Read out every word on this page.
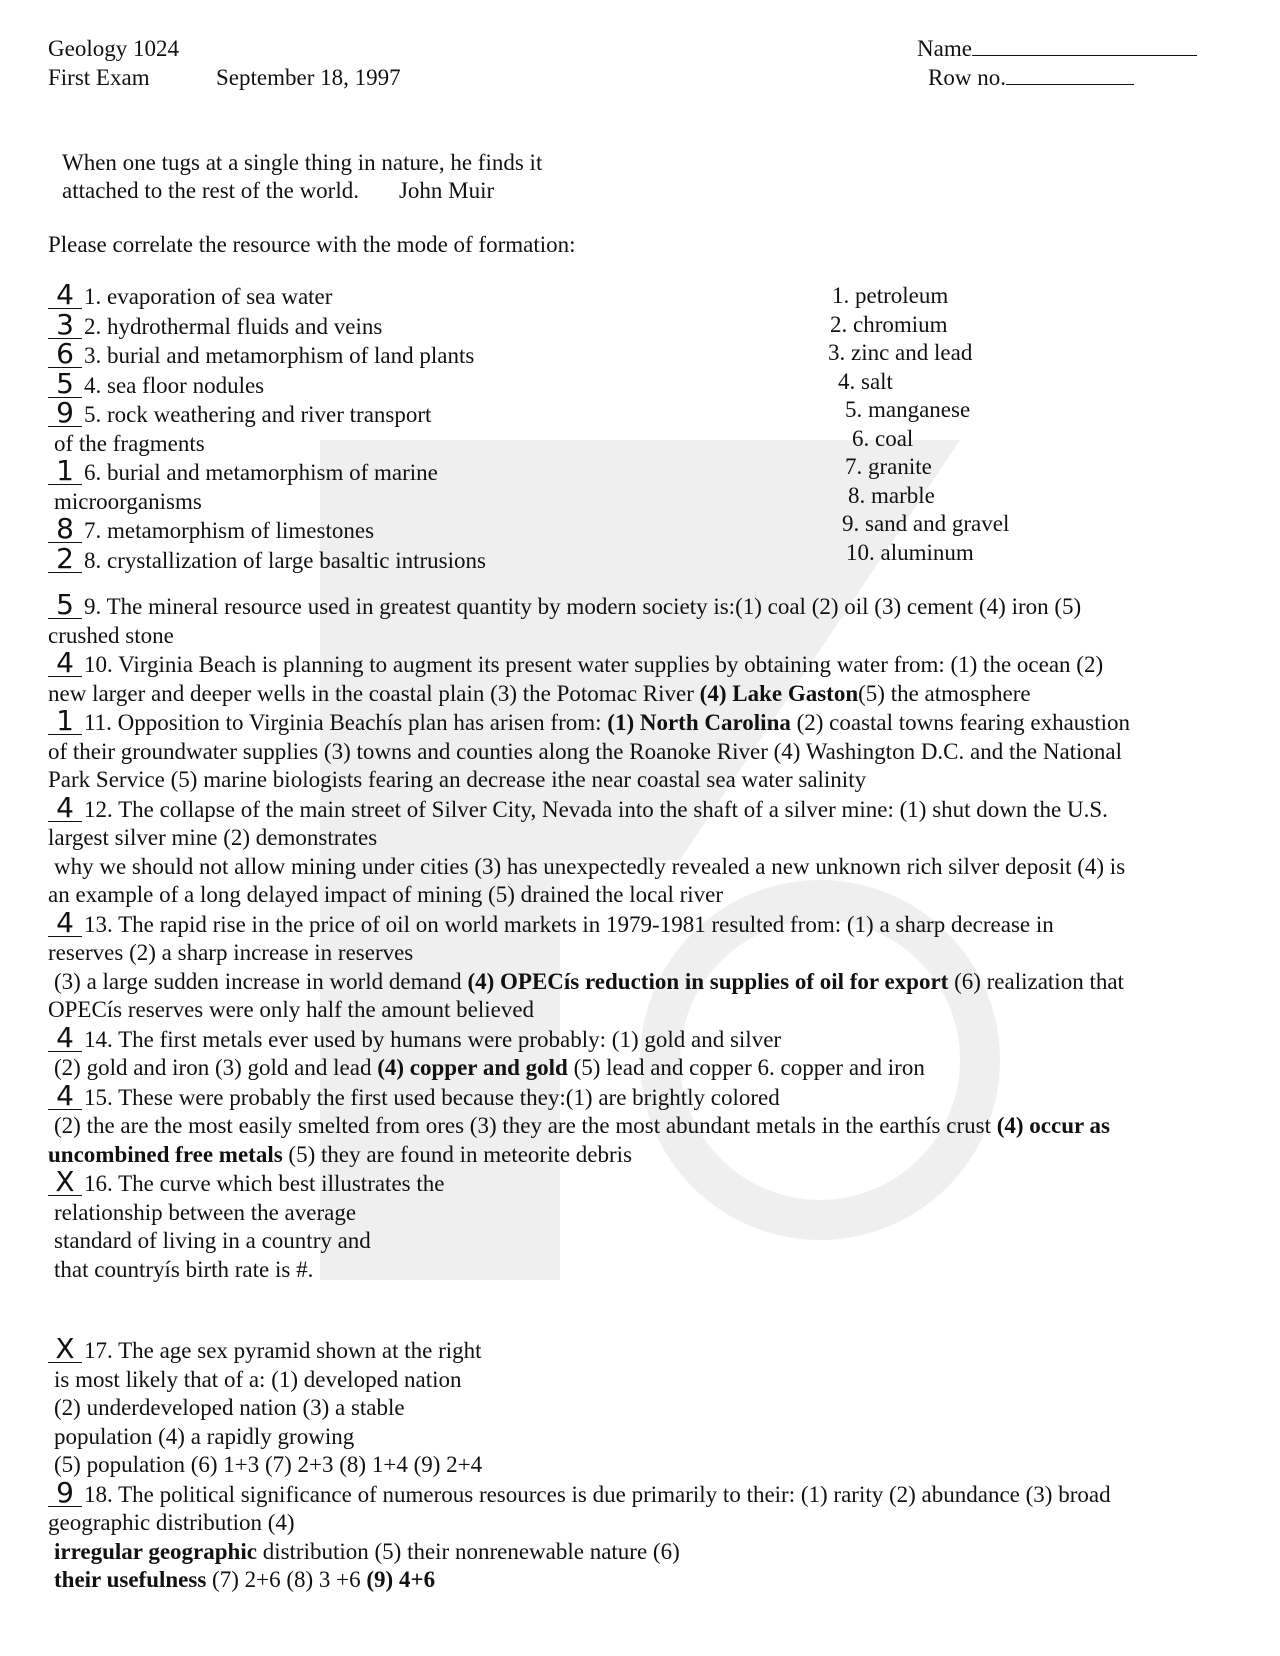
Geology 1024
First Exam	September 18, 1997
Name
Row no.
When one tugs at a single thing in nature, he finds it
attached to the rest of the world. John Muir
Please correlate the resource with the mode of formation:
4 1. evaporation of sea water
3 2. hydrothermal fluids and veins
6 3. burial and metamorphism of land plants
5 4. sea floor nodules
9 5. rock weathering and river transport
of the fragments
1 6. burial and metamorphism of marine
microorganisms
8 7. metamorphism of limestones
2 8. crystallization of large basaltic intrusions
1. petroleum
2. chromium
3. zinc and lead
4. salt
5. manganese
6. coal
7. granite
8. marble
9. sand and gravel
10. aluminum
5 9. The mineral resource used in greatest quantity by modern society is:(1) coal (2) oil (3) cement (4) iron (5)
crushed stone
4 10. Virginia Beach is planning to augment its present water supplies by obtaining water from: (1) the ocean (2)
new larger and deeper wells in the coastal plain (3) the Potomac River (4) Lake Gaston(5) the atmosphere
1 11. Opposition to Virginia Beachís plan has arisen from: (1) North Carolina (2) coastal towns fearing exhaustion
of their groundwater supplies (3) towns and counties along the Roanoke River (4) Washington D.C. and the National
Park Service (5) marine biologists fearing an decrease ithe near coastal sea water salinity
4 12. The collapse of the main street of Silver City, Nevada into the shaft of a silver mine: (1) shut down the U.S.
largest silver mine (2) demonstrates
why we should not allow mining under cities (3) has unexpectedly revealed a new unknown rich silver deposit (4) is
an example of a long delayed impact of mining (5) drained the local river
4 13. The rapid rise in the price of oil on world markets in 1979-1981 resulted from: (1) a sharp decrease in
reserves (2) a sharp increase in reserves
(3) a large sudden increase in world demand (4) OPECís reduction in supplies of oil for export (6) realization that
OPECís reserves were only half the amount believed
4 14. The first metals ever used by humans were probably: (1) gold and silver
(2) gold and iron (3) gold and lead (4) copper and gold (5) lead and copper 6. copper and iron
4 15. These were probably the first used because they:(1) are brightly colored
(2) the are the most easily smelted from ores (3) they are the most abundant metals in the earthís crust (4) occur as
uncombined free metals (5) they are found in meteorite debris
X 16. The curve which best illustrates the
relationship between the average
standard of living in a country and
that countryís birth rate is #.
X 17. The age sex pyramid shown at the right
is most likely that of a: (1) developed nation
(2) underdeveloped nation (3) a stable
population (4) a rapidly growing
(5) population (6) 1+3 (7) 2+3 (8) 1+4 (9) 2+4
9 18. The political significance of numerous resources is due primarily to their: (1) rarity (2) abundance (3) broad
geographic distribution (4)
irregular geographic distribution (5) their nonrenewable nature (6)
their usefulness (7) 2+6 (8) 3 +6 (9) 4+6
